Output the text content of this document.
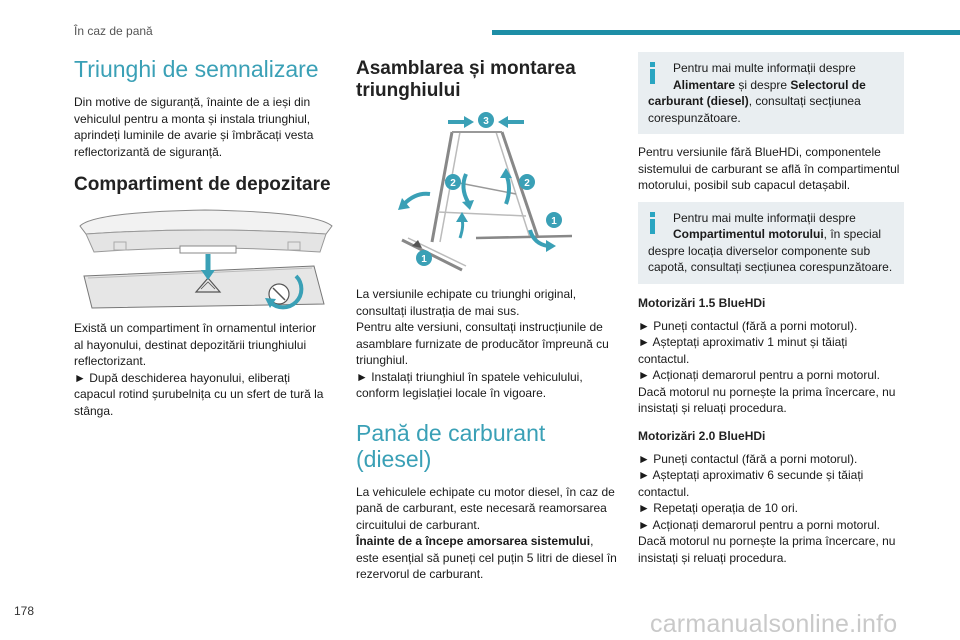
În caz de pană
Triunghi de semnalizare

Din motive de siguranță, înainte de a ieși din
vehiculul pentru a monta și instala triunghiul,
aprindeți luminile de avarie și îmbrăcați vesta
reflectorizantă de siguranță.

Compartiment de depozitare

Există un compartiment în ornamentul interior
al hayonului, destinat depozitării triunghiului
reflectorizant.
► După deschiderea hayonului, eliberați
capacul rotind șurubelnița cu un sfert de tură la
stânga.

Asamblarea și montarea
triunghiului
3
2	2
1
1

La versiunile echipate cu triunghi original,
consultați ilustrația de mai sus.
Pentru alte versiuni, consultați instrucțiunile de
asamblare furnizate de producător împreună cu
triunghiul.
► Instalați triunghiul în spatele vehiculului,
conform legislației locale în vigoare.

Pană de carburant
(diesel)

La vehiculele echipate cu motor diesel, în caz de
pană de carburant, este necesară reamorsarea
circuitului de carburant.
Înainte de a începe amorsarea sistemului,
este esențial să puneți cel puțin 5 litri de diesel în
rezervorul de carburant.

Pentru mai multe informații despre
Alimentare și despre Selectorul de
carburant (diesel), consultați secțiunea
corespunzătoare.

Pentru versiunile fără BlueHDi, componentele
sistemului de carburant se află în compartimentul
motorului, posibil sub capacul detașabil.

Pentru mai multe informații despre
Compartimentul motorului, în special
despre locația diverselor componente sub
capotă, consultați secțiunea corespunzătoare.
Motorizări 1.5 BlueHDi

► Puneți contactul (fără a porni motorul).
► Așteptați aproximativ 1 minut și tăiați
contactul.
► Acționați demarorul pentru a porni motorul.
Dacă motorul nu pornește la prima încercare, nu
insistați și reluați procedura.

Motorizări 2.0 BlueHDi

► Puneți contactul (fără a porni motorul).
► Așteptați aproximativ 6 secunde și tăiați
contactul.
► Repetați operația de 10 ori.
► Acționați demarorul pentru a porni motorul.
Dacă motorul nu pornește la prima încercare, nu
insistați și reluați procedura.

178	carmanualsonline.info
